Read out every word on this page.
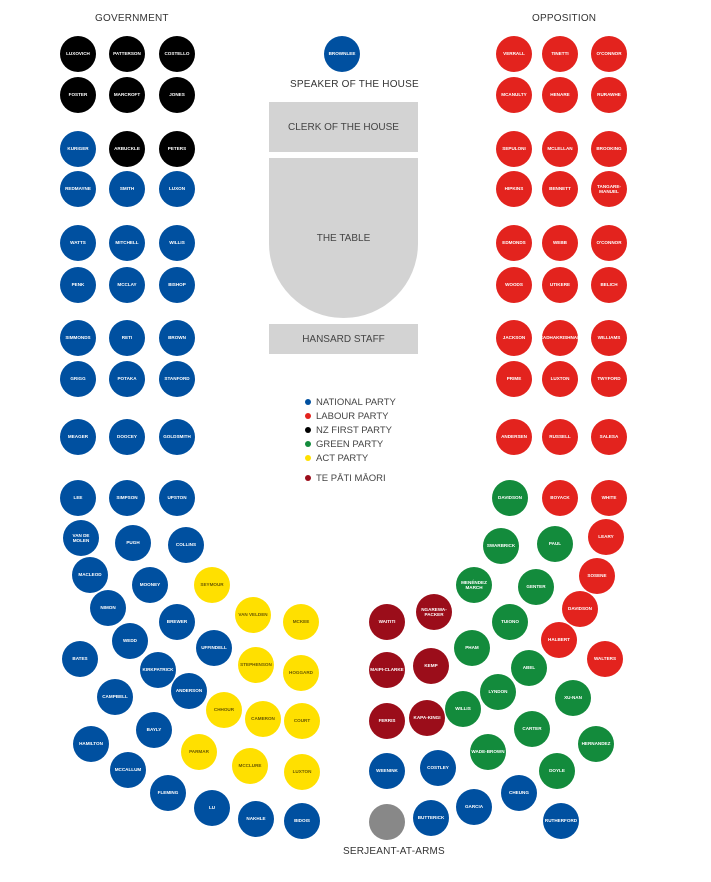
GOVERNMENT	OPPOSITION
SPEAKER OF THE HOUSE
CLERK OF THE HOUSE
THE TABLE
HANSARD STAFF
SERJEANT-AT-ARMS
NATIONAL PARTY
LABOUR PARTY
NZ FIRST PARTY
GREEN PARTY
ACT PARTY
TE PĀTI MĀORI
BROWNLEE
LUXOVICH	PATTERSON	COSTELLO
FOSTER	MARCROFT	JONES
KURIGER	ARBUCKLE	PETERS
REDMAYNE	SMITH	LUXON
WATTS	MITCHELL	WILLIS
PENK	MCCLAY	BISHOP
SIMMONDS	RETI	BROWN
GRIGG	POTAKA	STANFORD
MEAGER	DOOCEY	GOLDSMITH
LEE	SIMPSON	UPSTON
VAN DE MOLEN	PUGH	COLLINS
MACLEOD
MOONEY	SEYMOUR
NIMON
BREWER
VAN VELDEN
MCKEE
WEDD
UFFINDELL
BATES
KIRKPATRICK
STEPHENSON
HOGGARD
CAMPBELL
ANDERSON
CHHOUR
CAMERON	COURT
BAYLY
HAMILTON
PARMAR
MCCLURE
LUXTON
MCCALLUM
FLEMING
LU
NAKHLE	BIDOIS
VERRALL	TINETTI	O'CONNOR
MCANULTY	HENARE	RURAWHE
SEPULONI	MCLELLAN	BROOKING
HIPKINS	BENNETT
TANGARE-MANUEL
EDMONDS	WEBB	O'CONNOR
WOODS	UTIKERE	BELICH
JACKSON	RADHAKRISHNAN	WILLIAMS
PRIME	LUXTON	TWYFORD
ANDERSEN	RUSSELL	SALESA
DAVIDSON	BOYACK	WHITE
SWARBRICK	PAUL
LEARY
MENÉNDEZ MARCH	GENTER
SOSENE
WAITITI
NGAREWA-PACKER
TUIONO
DAVIDSON
PHAM
HALBERT
WALTERS
MAIPI-CLARKE
KEMP	ABEL
LYNDON
XU-NAN
WILLIS
FERRIS
KAPA-KINGI
CARTER
HERNANDEZ
WADE-BROWN
WEENINK
COSTLEY
DOYLE
CHEUNG
GARCIA
BUTTERICK
RUTHERFORD
